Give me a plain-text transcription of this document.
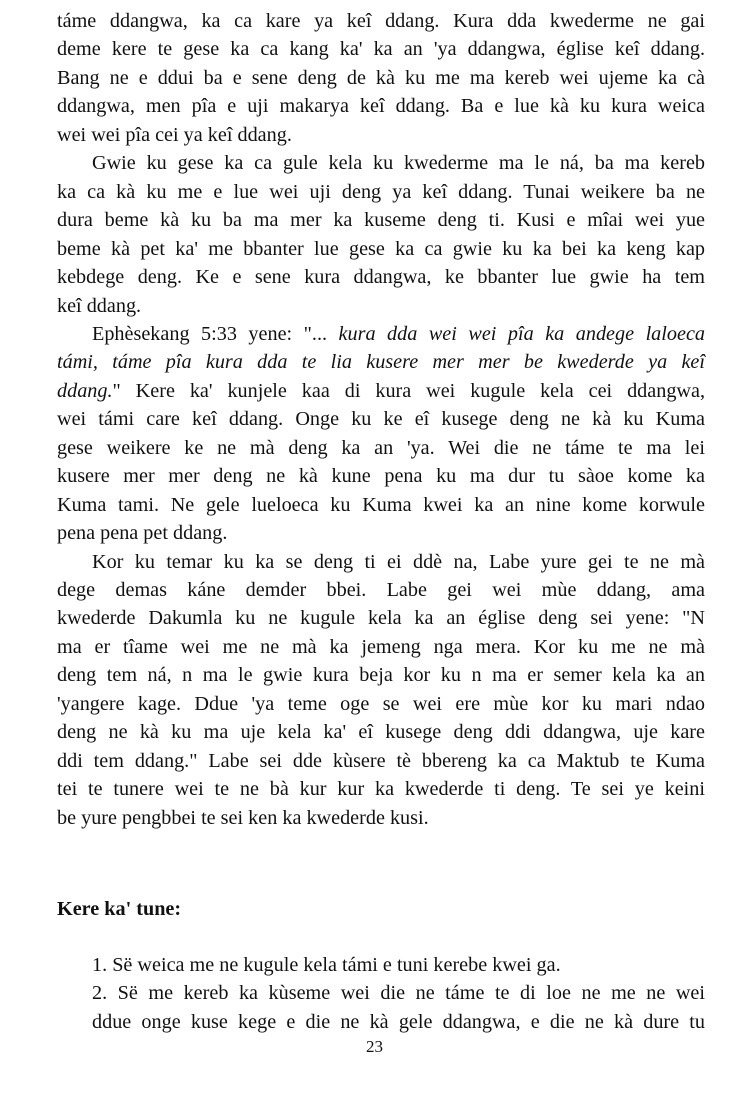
táme ddangwa, ka ca kare ya keî ddang. Kura dda kwederme ne gai
deme kere te gese ka ca kang ka' ka an 'ya ddangwa, église keî ddang.
Bang ne e ddui ba e sene deng de kà ku me ma kereb wei ujeme ka cà
ddangwa, men pîa e uji makarya keî ddang. Ba e lue kà ku kura weica
wei wei pîa cei ya keî ddang.
Gwie ku gese ka ca gule kela ku kwederme ma le ná, ba ma kereb
ka ca kà ku me e lue wei uji deng ya keî ddang. Tunai weikere ba ne
dura beme kà ku ba ma mer ka kuseme deng ti. Kusi e mîai wei yue
beme kà pet ka' me bbanter lue gese ka ca gwie ku ka bei ka keng kap
kebdege deng. Ke e sene kura ddangwa, ke bbanter lue gwie ha tem
keî ddang.
Ephèsekang 5:33 yene: "... kura dda wei wei pîa ka andege laloeca
támi, táme pîa kura dda te lia kusere mer mer be kwederde ya keî
ddang." Kere ka' kunjele kaa di kura wei kugule kela cei ddangwa,
wei támi care keî ddang. Onge ku ke eî kusege deng ne kà ku Kuma
gese weikere ke ne mà deng ka an 'ya. Wei die ne táme te ma lei
kusere mer mer deng ne kà kune pena ku ma dur tu sàoe kome ka
Kuma tami. Ne gele lueloeca ku Kuma kwei ka an nine kome korwule
pena pena pet ddang.
Kor ku temar ku ka se deng ti ei ddè na, Labe yure gei te ne mà
dege demas káne demder bbei. Labe gei wei mùe ddang, ama
kwederde Dakumla ku ne kugule kela ka an église deng sei yene: "N
ma er tîame wei me ne mà ka jemeng nga mera. Kor ku me ne mà
deng tem ná, n ma le gwie kura beja kor ku n ma er semer kela ka an
'yangere kage. Ddue 'ya teme oge se wei ere mùe kor ku mari ndao
deng ne kà ku ma uje kela ka' eî kusege deng ddi ddangwa, uje kare
ddi tem ddang." Labe sei dde kùsere tè bbereng ka ca Maktub te Kuma
tei te tunere wei te ne bà kur kur ka kwederde ti deng. Te sei ye keini
be yure pengbbei te sei ken ka kwederde kusi.
1. Së weica me ne kugule kela támi e tuni kerebe kwei ga.
2. Së me kereb ka kùseme wei die ne táme te di loe ne me ne wei
ddue onge kuse kege e die ne kà gele ddangwa, e die ne kà dure tu
Kere ka' tune:
23
